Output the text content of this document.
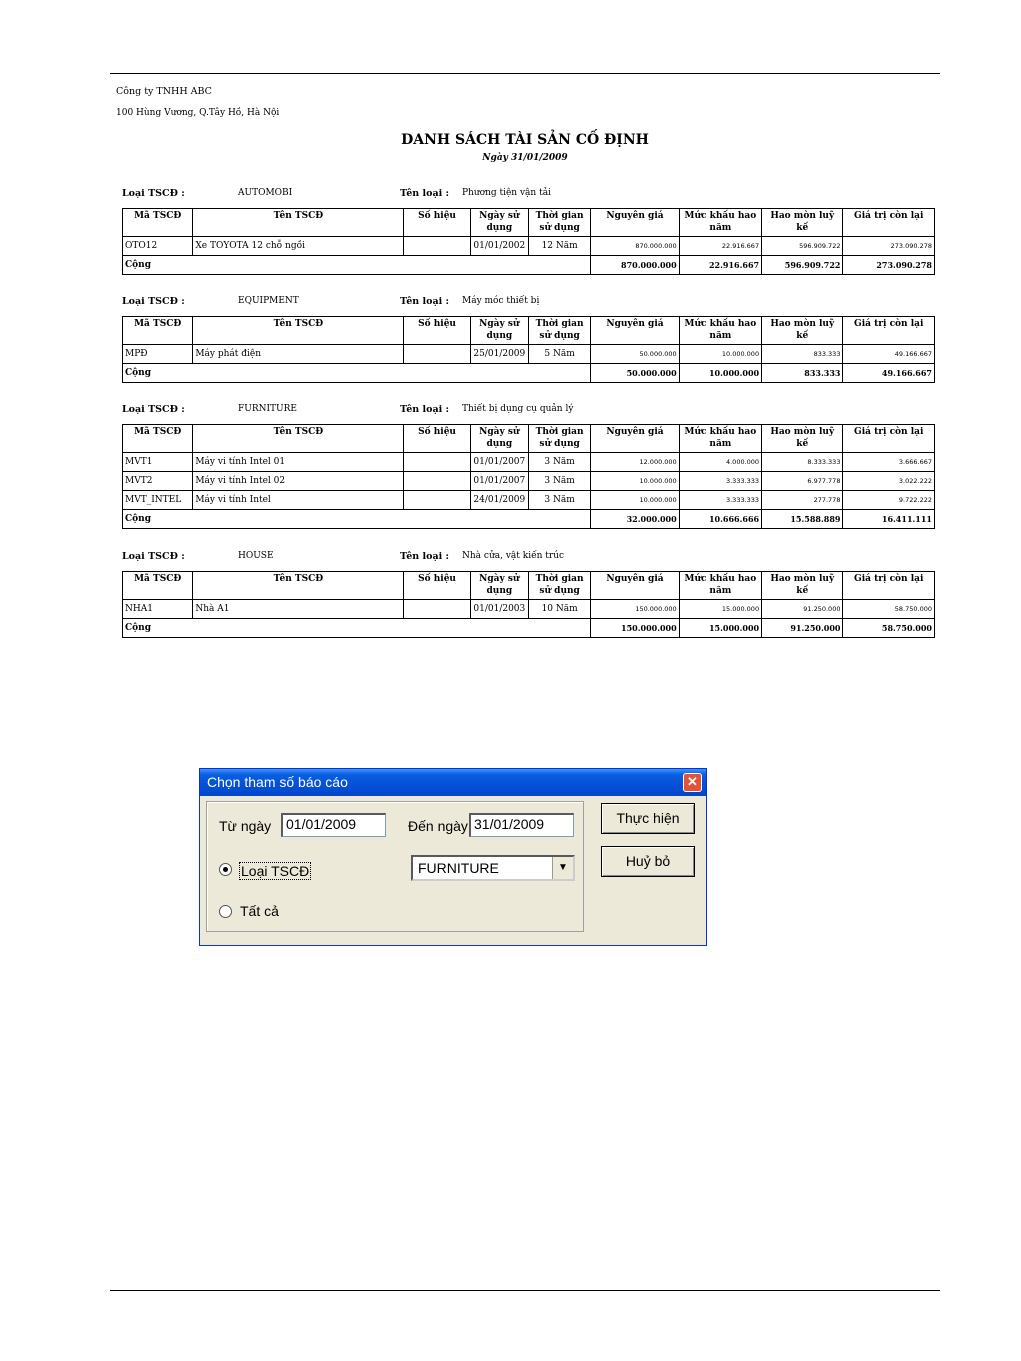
Công ty TNHH ABC
100 Hùng Vương, Q.Tây Hồ, Hà Nội
DANH SÁCH TÀI SẢN CỐ ĐỊNH
Ngày 31/01/2009
Loại TSCĐ :	AUTOMOBI	Tên loại : Phương tiện vận tải
Mã TSCĐ	Tên TSCĐ	Số hiệu	Ngày sử dụng	Thời gian sử dụng	Nguyên giá	Mức khấu hao năm	Hao mòn luỹ kế	Giá trị còn lại
OTO12	Xe TOYOTA 12 chỗ ngồi		01/01/2002	12 Năm	870.000.000	22.916.667	596.909.722	273.090.278
Cộng					870.000.000	22.916.667	596.909.722	273.090.278
Loại TSCĐ :	EQUIPMENT	Tên loại : Máy móc thiết bị
Mã TSCĐ	Tên TSCĐ	Số hiệu	Ngày sử dụng	Thời gian sử dụng	Nguyên giá	Mức khấu hao năm	Hao mòn luỹ kế	Giá trị còn lại
MPĐ	Máy phát điện		25/01/2009	5 Năm	50.000.000	10.000.000	833.333	49.166.667
Cộng					50.000.000	10.000.000	833.333	49.166.667
Loại TSCĐ :	FURNITURE	Tên loại : Thiết bị dụng cụ quản lý
Mã TSCĐ	Tên TSCĐ	Số hiệu	Ngày sử dụng	Thời gian sử dụng	Nguyên giá	Mức khấu hao năm	Hao mòn luỹ kế	Giá trị còn lại
MVT1	Máy vi tính Intel 01		01/01/2007	3 Năm	12.000.000	4.000.000	8.333.333	3.666.667
MVT2	Máy vi tính Intel 02		01/01/2007	3 Năm	10.000.000	3.333.333	6.977.778	3.022.222
MVT_INTEL	Máy vi tính Intel		24/01/2009	3 Năm	10.000.000	3.333.333	277.778	9.722.222
Cộng					32.000.000	10.666.666	15.588.889	16.411.111
Loại TSCĐ :	HOUSE	Tên loại : Nhà cửa, vật kiến trúc
Mã TSCĐ	Tên TSCĐ	Số hiệu	Ngày sử dụng	Thời gian sử dụng	Nguyên giá	Mức khấu hao năm	Hao mòn luỹ kế	Giá trị còn lại
NHA1	Nhà A1		01/01/2003	10 Năm	150.000.000	15.000.000	91.250.000	58.750.000
Cộng					150.000.000	15.000.000	91.250.000	58.750.000
Chọn tham số báo cáo	✕
Từ ngày	01/01/2009	Đến ngày 31/01/2009
Loại TSCĐ	FURNITURE	▼
Tất cả
Thực hiện
Huỷ bỏ
